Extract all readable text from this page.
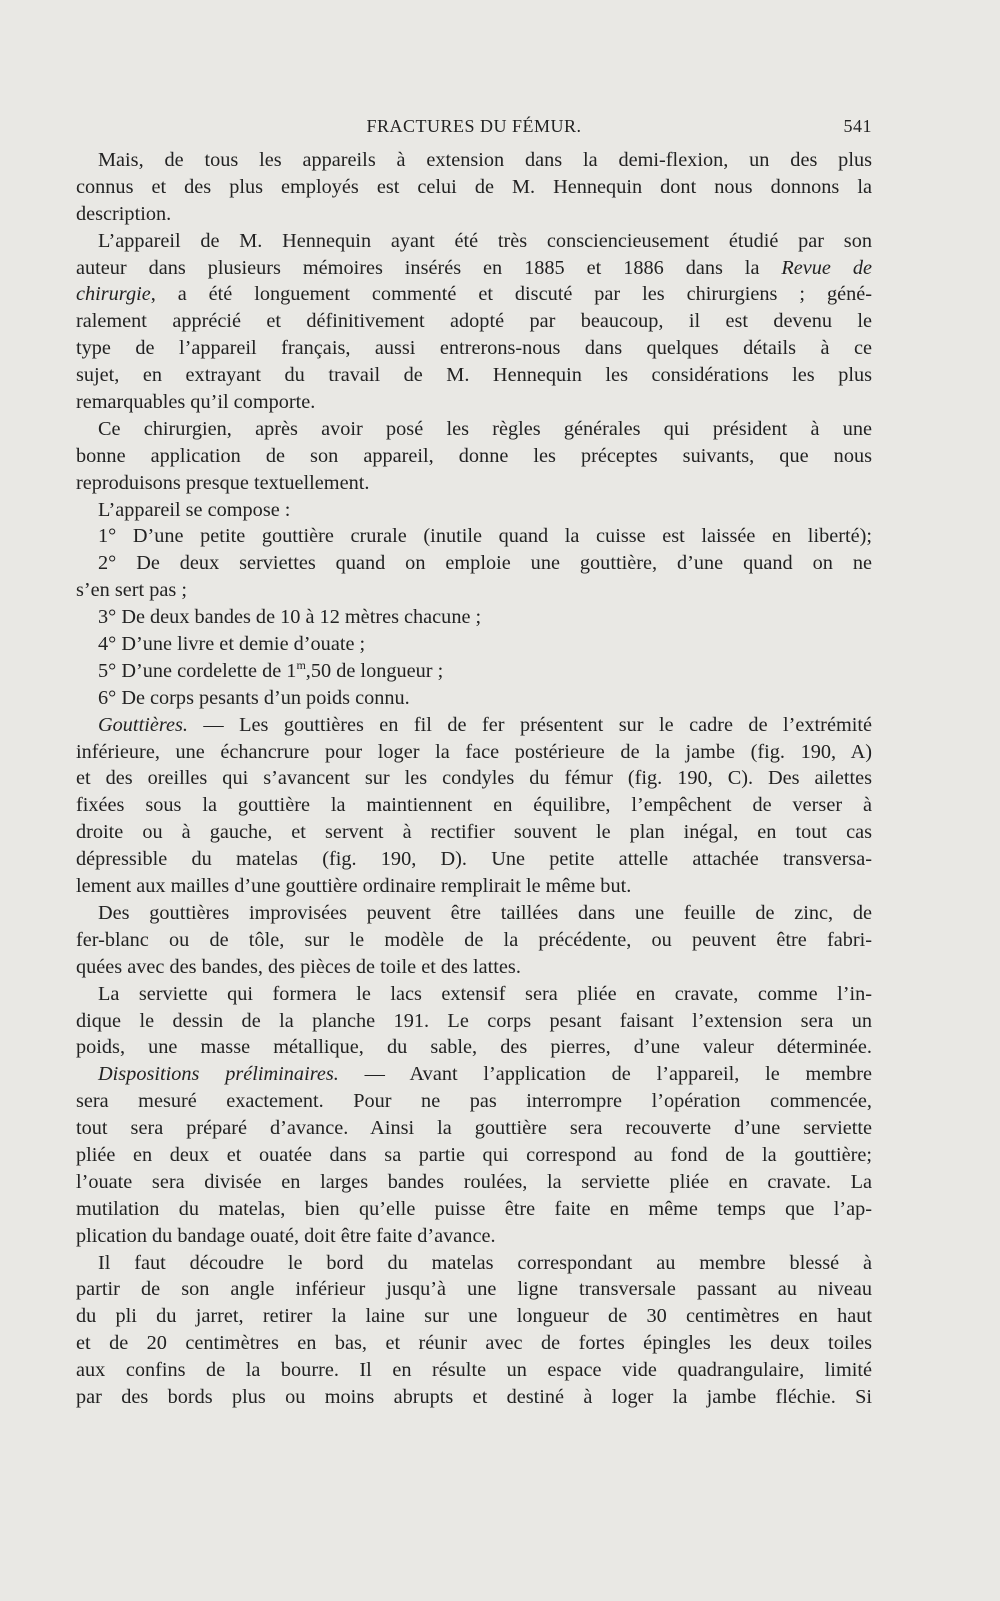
FRACTURES DU FÉMUR.	541
Mais, de tous les appareils à extension dans la demi-flexion, un des plus
connus et des plus employés est celui de M. Hennequin dont nous donnons la
description.
L’appareil de M. Hennequin ayant été très consciencieusement étudié par son
auteur dans plusieurs mémoires insérés en 1885 et 1886 dans la Revue de
chirurgie, a été longuement commenté et discuté par les chirurgiens ; géné-
ralement apprécié et définitivement adopté par beaucoup, il est devenu le
type de l’appareil français, aussi entrerons-nous dans quelques détails à ce
sujet, en extrayant du travail de M. Hennequin les considérations les plus
remarquables qu’il comporte.
Ce chirurgien, après avoir posé les règles générales qui président à une
bonne application de son appareil, donne les préceptes suivants, que nous
reproduisons presque textuellement.
L’appareil se compose :
1° D’une petite gouttière crurale (inutile quand la cuisse est laissée en liberté);
2° De deux serviettes quand on emploie une gouttière, d’une quand on ne
s’en sert pas ;
3° De deux bandes de 10 à 12 mètres chacune ;
4° D’une livre et demie d’ouate ;
5° D’une cordelette de 1$^m$,50 de longueur ;
6° De corps pesants d’un poids connu.
Gouttières. — Les gouttières en fil de fer présentent sur le cadre de l’extrémité
inférieure, une échancrure pour loger la face postérieure de la jambe (fig. 190, A)
et des oreilles qui s’avancent sur les condyles du fémur (fig. 190, C). Des ailettes
fixées sous la gouttière la maintiennent en équilibre, l’empêchent de verser à
droite ou à gauche, et servent à rectifier souvent le plan inégal, en tout cas
dépressible du matelas (fig. 190, D). Une petite attelle attachée transversa-
lement aux mailles d’une gouttière ordinaire remplirait le même but.
Des gouttières improvisées peuvent être taillées dans une feuille de zinc, de
fer-blanc ou de tôle, sur le modèle de la précédente, ou peuvent être fabri-
quées avec des bandes, des pièces de toile et des lattes.
La serviette qui formera le lacs extensif sera pliée en cravate, comme l’in-
dique le dessin de la planche 191. Le corps pesant faisant l’extension sera un
poids, une masse métallique, du sable, des pierres, d’une valeur déterminée.
Dispositions préliminaires. — Avant l’application de l’appareil, le membre
sera mesuré exactement. Pour ne pas interrompre l’opération commencée,
tout sera préparé d’avance. Ainsi la gouttière sera recouverte d’une serviette
pliée en deux et ouatée dans sa partie qui correspond au fond de la gouttière;
l’ouate sera divisée en larges bandes roulées, la serviette pliée en cravate. La
mutilation du matelas, bien qu’elle puisse être faite en même temps que l’ap-
plication du bandage ouaté, doit être faite d’avance.
Il faut découdre le bord du matelas correspondant au membre blessé à
partir de son angle inférieur jusqu’à une ligne transversale passant au niveau
du pli du jarret, retirer la laine sur une longueur de 30 centimètres en haut
et de 20 centimètres en bas, et réunir avec de fortes épingles les deux toiles
aux confins de la bourre. Il en résulte un espace vide quadrangulaire, limité
par des bords plus ou moins abrupts et destiné à loger la jambe fléchie. Si
